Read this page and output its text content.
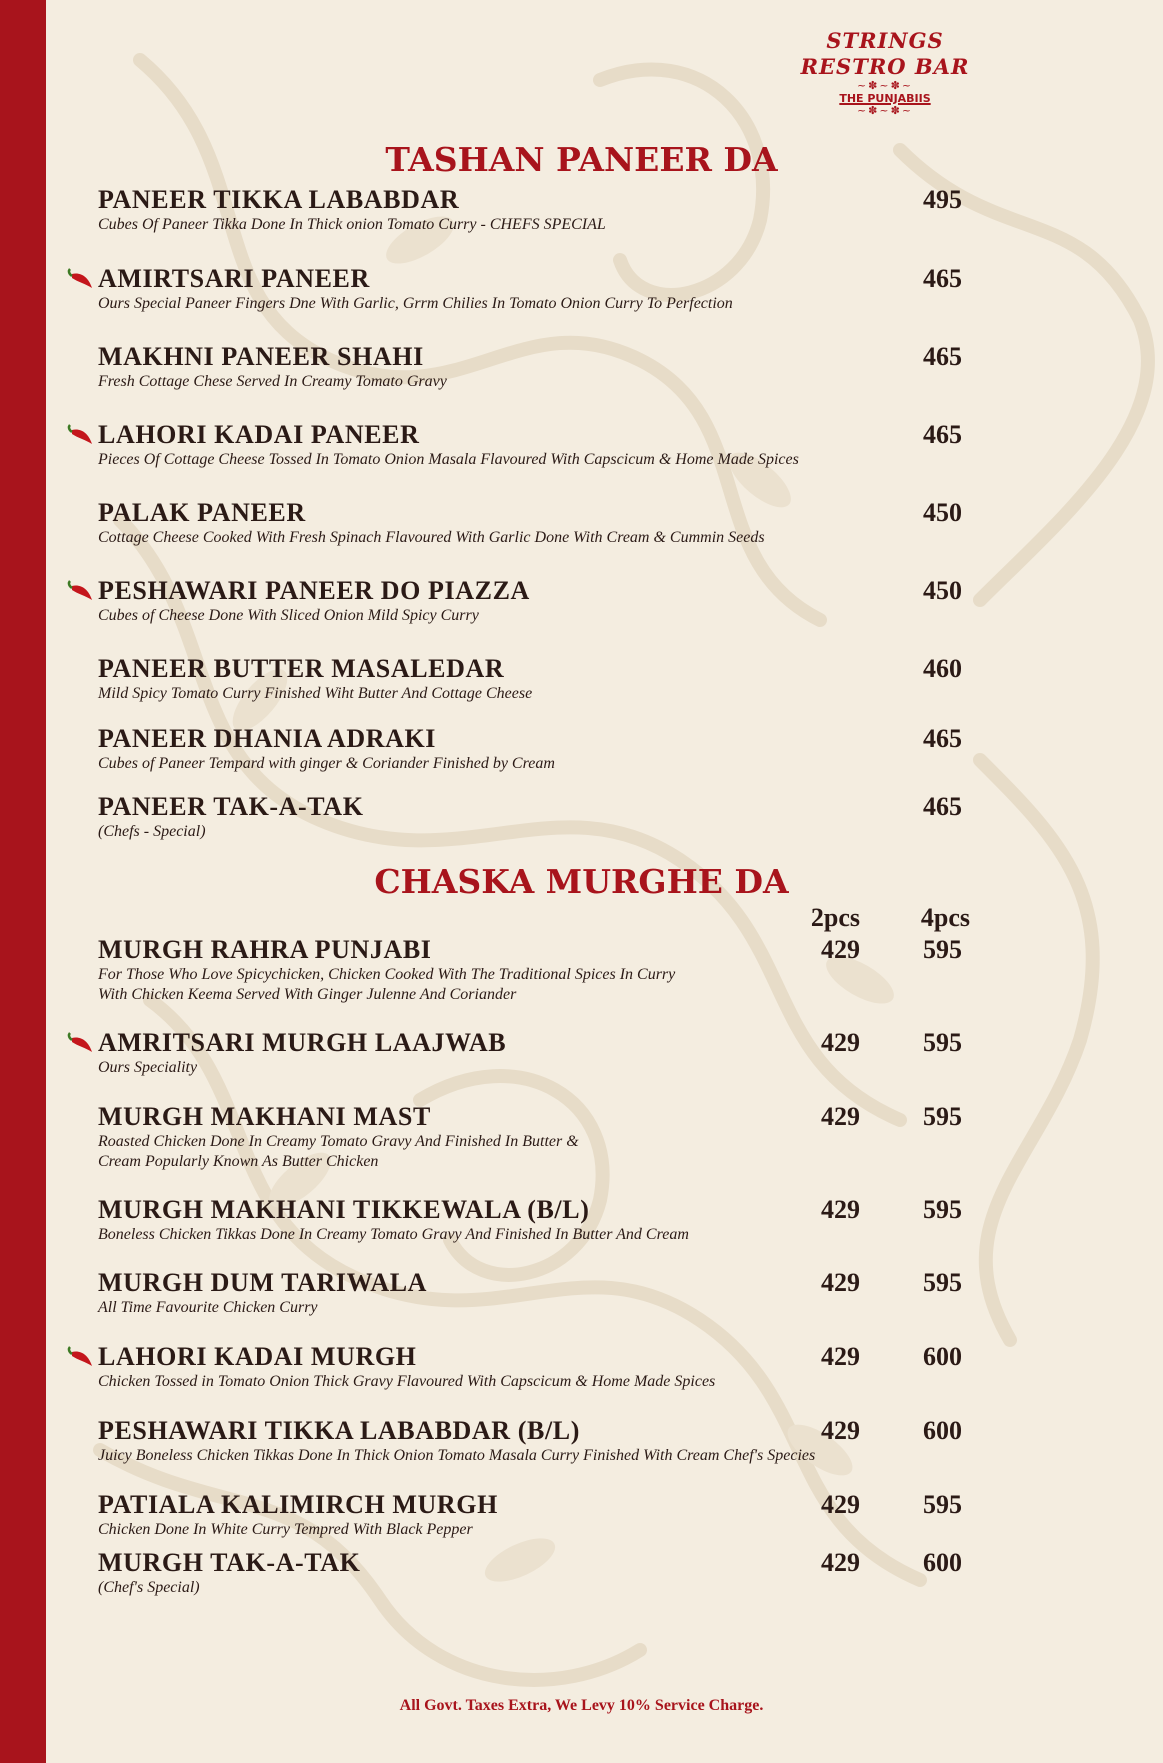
STRINGS
RESTRO BAR
~✽~✽~
THE PUNJABIIS
~✽~✽~
TASHAN PANEER DA
PANEER TIKKA LABABDAR
Cubes Of Paneer Tikka Done In Thick onion Tomato Curry - CHEFS SPECIAL
495
AMIRTSARI PANEER
Ours Special Paneer Fingers Dne With Garlic, Grrm Chilies In Tomato Onion Curry To Perfection
465
MAKHNI PANEER SHAHI
Fresh Cottage Chese Served In Creamy Tomato Gravy
465
LAHORI KADAI PANEER
Pieces Of Cottage Cheese Tossed In Tomato Onion Masala Flavoured With Capscicum & Home Made Spices
465
PALAK PANEER
Cottage Cheese Cooked With Fresh Spinach Flavoured With Garlic Done With Cream & Cummin Seeds
450
PESHAWARI PANEER DO PIAZZA
Cubes of Cheese Done With Sliced Onion Mild Spicy Curry
450
PANEER BUTTER MASALEDAR
Mild Spicy Tomato Curry Finished Wiht Butter And Cottage Cheese
460
PANEER DHANIA ADRAKI
Cubes of Paneer Tempard with ginger & Coriander Finished by Cream
465
PANEER TAK-A-TAK
(Chefs - Special)
465
CHASKA MURGHE DA
2pcs	4pcs
MURGH RAHRA PUNJABI
For Those Who Love Spicychicken, Chicken Cooked With The Traditional Spices In Curry
With Chicken Keema Served With Ginger Julenne And Coriander
429	595
AMRITSARI MURGH LAAJWAB
Ours Speciality
429	595
MURGH MAKHANI MAST
Roasted Chicken Done In Creamy Tomato Gravy And Finished In Butter &
Cream Popularly Known As Butter Chicken
429	595
MURGH MAKHANI TIKKEWALA (B/L)
Boneless Chicken Tikkas Done In Creamy Tomato Gravy And Finished In Butter And Cream
429	595
MURGH DUM TARIWALA
All Time Favourite Chicken Curry
429	595
LAHORI KADAI MURGH
Chicken Tossed in Tomato Onion Thick Gravy Flavoured With Capscicum & Home Made Spices
429	600
PESHAWARI TIKKA LABABDAR (B/L)
Juicy Boneless Chicken Tikkas Done In Thick Onion Tomato Masala Curry Finished With Cream Chef's Species
429	600
PATIALA KALIMIRCH MURGH
Chicken Done In White Curry Tempred With Black Pepper
429	595
MURGH TAK-A-TAK
(Chef's Special)
429	600
All Govt. Taxes Extra, We Levy 10% Service Charge.
